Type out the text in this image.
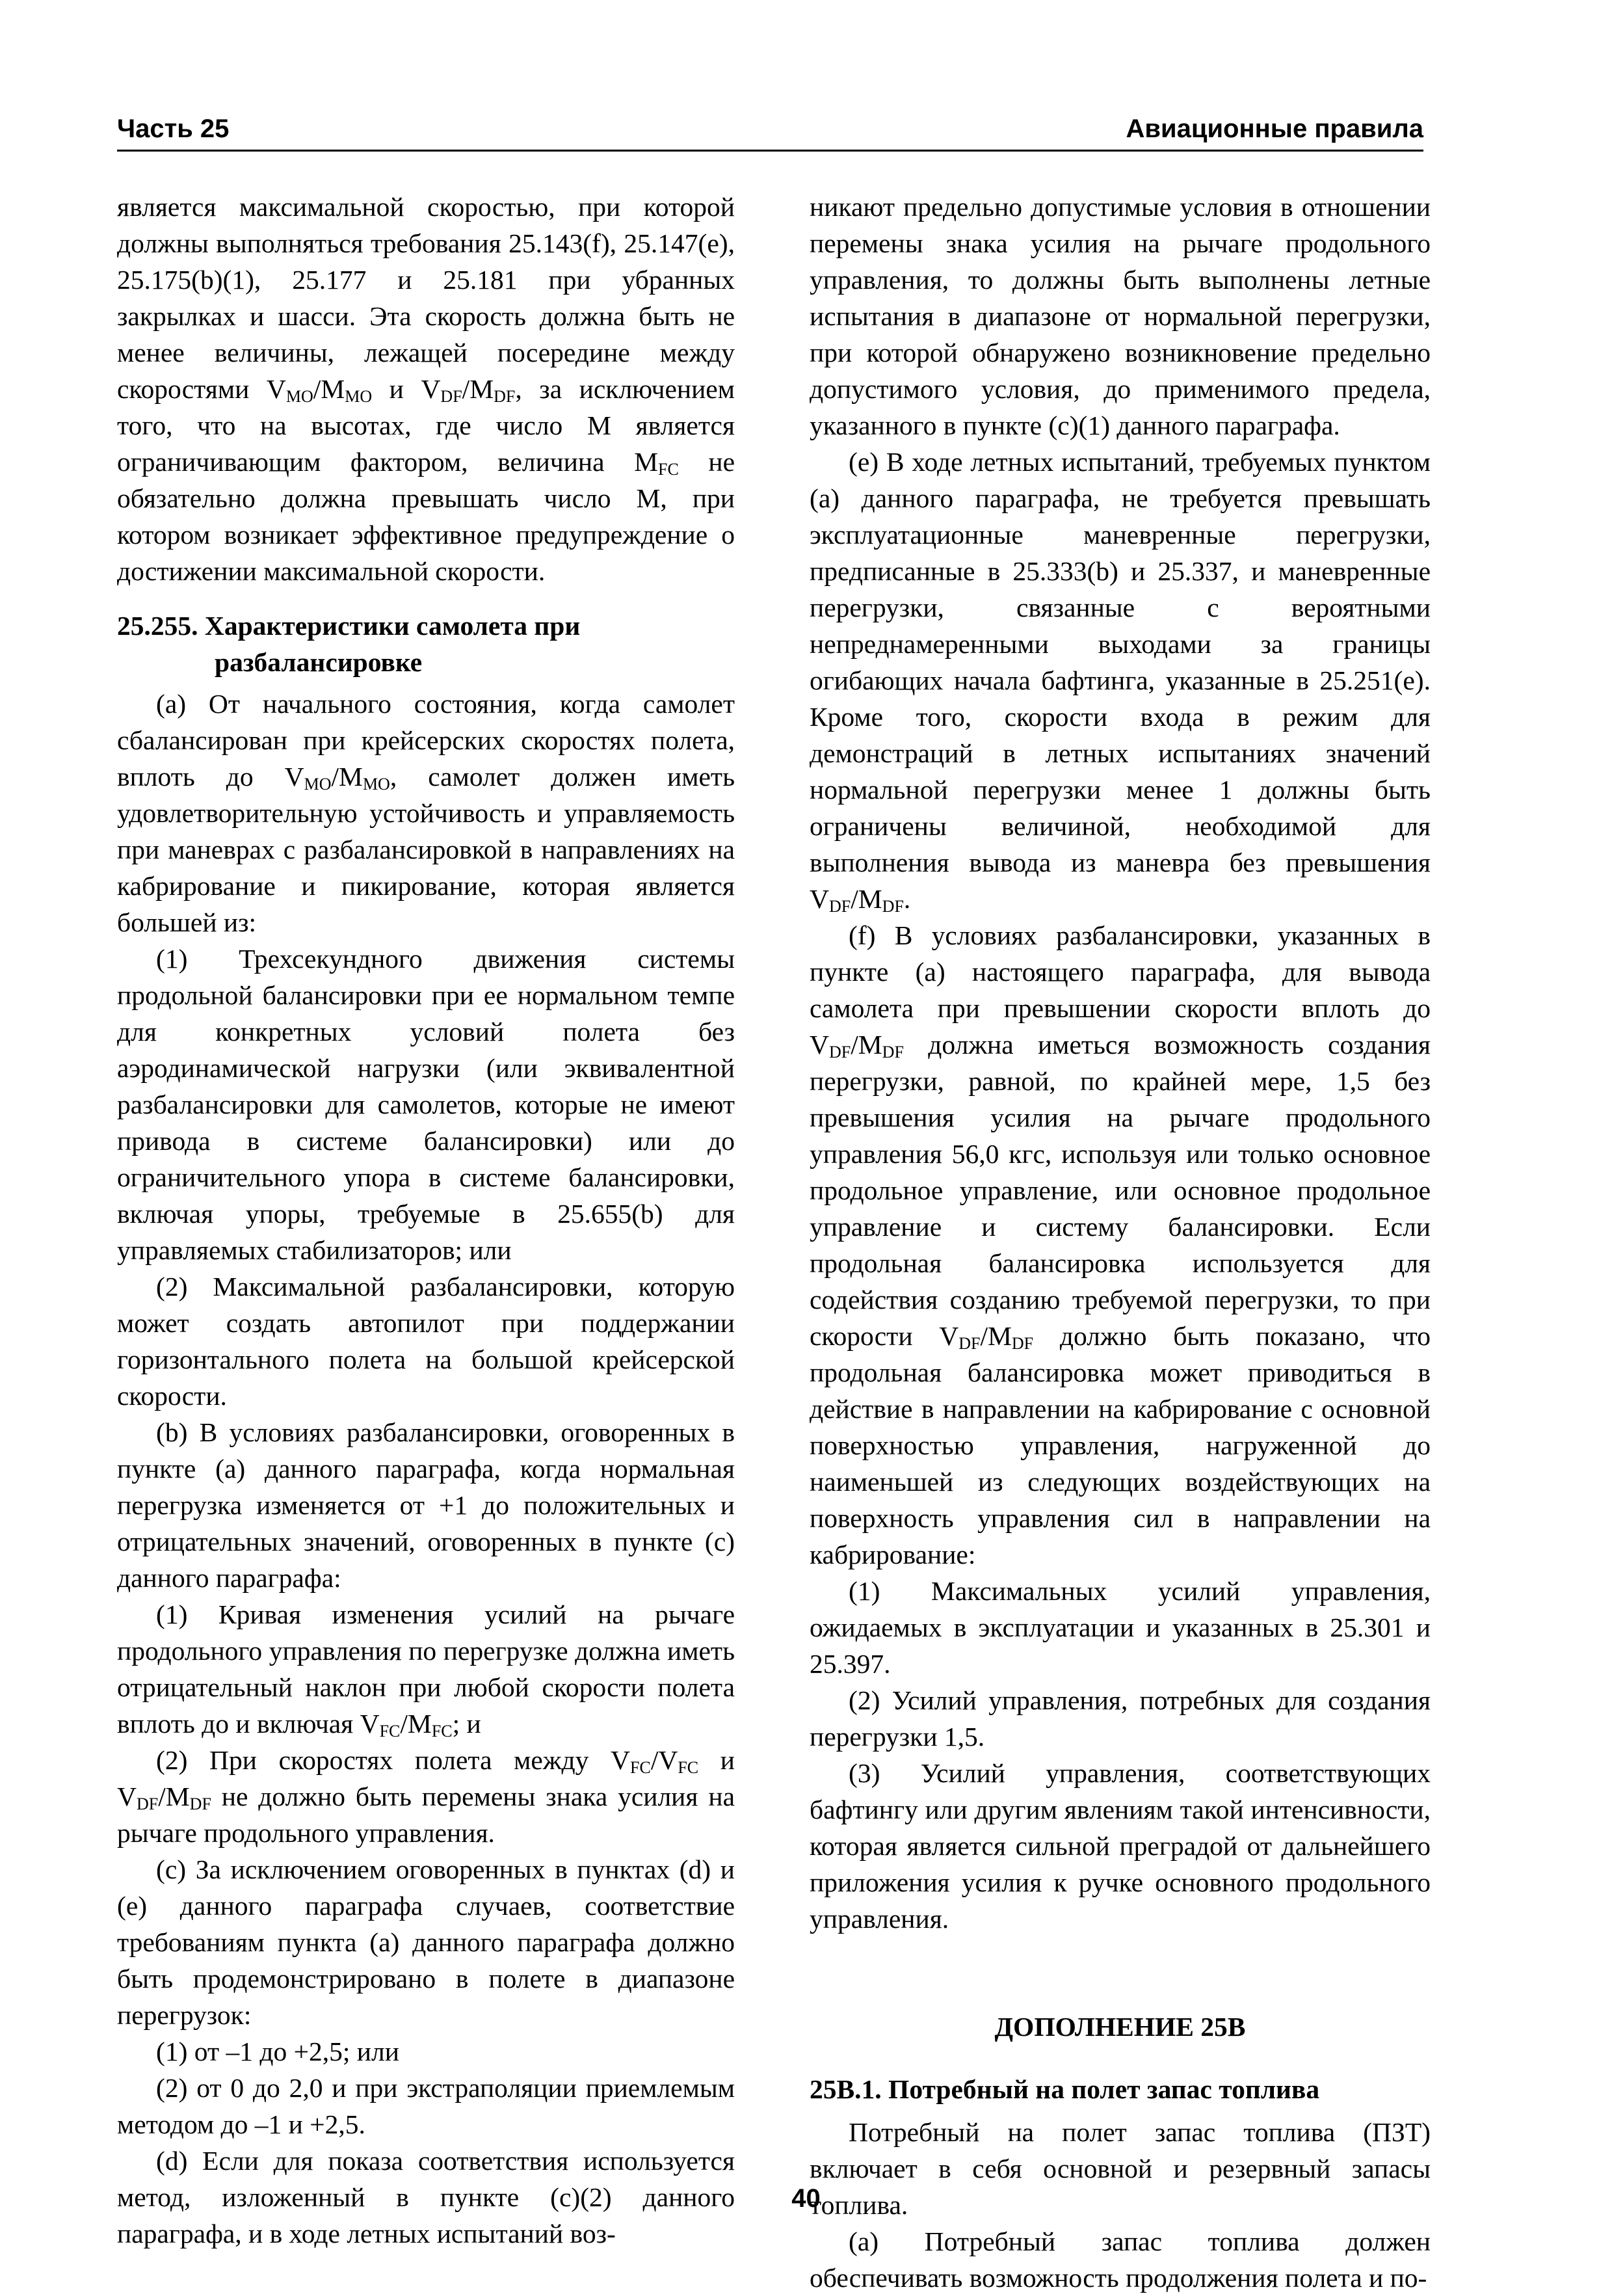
Часть 25	Авиационные правила

является максимальной скоростью, при которой должны выполняться требования 25.143(f), 25.147(e), 25.175(b)(1), 25.177 и 25.181 при убранных закрылках и шасси. Эта скорость должна быть не менее величины, лежащей посередине между скоростями $V_{MO}/M_{MO}$ и $V_{DF}/M_{DF}$, за исключением того, что на высотах, где число M является ограничивающим фактором, величина $M_{FC}$ не обязательно должна превышать число M, при котором возникает эффективное предупреждение о достижении максимальной скорости.

25.255. Характеристики самолета при
разбалансировке

(a) От начального состояния, когда самолет сбалансирован при крейсерских скоростях полета, вплоть до $V_{MO}/M_{MO}$, самолет должен иметь удовлетворительную устойчивость и управляемость при маневрах с разбалансировкой в направлениях на кабрирование и пикирование, которая является большей из:

(1) Трехсекундного движения системы продольной балансировки при ее нормальном темпе для конкретных условий полета без аэродинамической нагрузки (или эквивалентной разбалансировки для самолетов, которые не имеют привода в системе балансировки) или до ограничительного упора в системе балансировки, включая упоры, требуемые в 25.655(b) для управляемых стабилизаторов; или

(2) Максимальной разбалансировки, которую может создать автопилот при поддержании горизонтального полета на большой крейсерской скорости.

(b) В условиях разбалансировки, оговоренных в пункте (a) данного параграфа, когда нормальная перегрузка изменяется от +1 до положительных и отрицательных значений, оговоренных в пункте (c) данного параграфа:

(1) Кривая изменения усилий на рычаге продольного управления по перегрузке должна иметь отрицательный наклон при любой скорости полета вплоть до и включая $V_{FC}/M_{FC}$; и

(2) При скоростях полета между $V_{FC}/V_{FC}$ и $V_{DF}/M_{DF}$ не должно быть перемены знака усилия на рычаге продольного управления.

(c) За исключением оговоренных в пунктах (d) и (e) данного параграфа случаев, соответствие требованиям пункта (a) данного параграфа должно быть продемонстрировано в полете в диапазоне перегрузок:

(1) от –1 до +2,5; или

(2) от 0 до 2,0 и при экстраполяции приемлемым методом до –1 и +2,5.

(d) Если для показа соответствия используется метод, изложенный в пункте (c)(2) данного параграфа, и в ходе летных испытаний воз-

никают предельно допустимые условия в отношении перемены знака усилия на рычаге продольного управления, то должны быть выполнены летные испытания в диапазоне от нормальной перегрузки, при которой обнаружено возникновение предельно допустимого условия, до применимого предела, указанного в пункте (c)(1) данного параграфа.

(e) В ходе летных испытаний, требуемых пунктом (a) данного параграфа, не требуется превышать эксплуатационные маневренные перегрузки, предписанные в 25.333(b) и 25.337, и маневренные перегрузки, связанные с вероятными непреднамеренными выходами за границы огибающих начала бафтинга, указанные в 25.251(e). Кроме того, скорости входа в режим для демонстраций в летных испытаниях значений нормальной перегрузки менее 1 должны быть ограничены величиной, необходимой для выполнения вывода из маневра без превышения $V_{DF}/M_{DF}$.

(f) В условиях разбалансировки, указанных в пункте (a) настоящего параграфа, для вывода самолета при превышении скорости вплоть до $V_{DF}/M_{DF}$ должна иметься возможность создания перегрузки, равной, по крайней мере, 1,5 без превышения усилия на рычаге продольного управления 56,0 кгс, используя или только основное продольное управление, или основное продольное управление и систему балансировки. Если продольная балансировка используется для содействия созданию требуемой перегрузки, то при скорости $V_{DF}/M_{DF}$ должно быть показано, что продольная балансировка может приводиться в действие в направлении на кабрирование с основной поверхностью управления, нагруженной до наименьшей из следующих воздействующих на поверхность управления сил в направлении на кабрирование:

(1) Максимальных усилий управления, ожидаемых в эксплуатации и указанных в 25.301 и 25.397.

(2) Усилий управления, потребных для создания перегрузки 1,5.

(3) Усилий управления, соответствующих бафтингу или другим явлениям такой интенсивности, которая является сильной преградой от дальнейшего приложения усилия к ручке основного продольного управления.

ДОПОЛНЕНИЕ 25B
25B.1. Потребный на полет запас топлива

Потребный на полет запас топлива (ПЗТ) включает в себя основной и резервный запасы топлива.

(a) Потребный запас топлива должен обеспечивать возможность продолжения полета и по-

40
